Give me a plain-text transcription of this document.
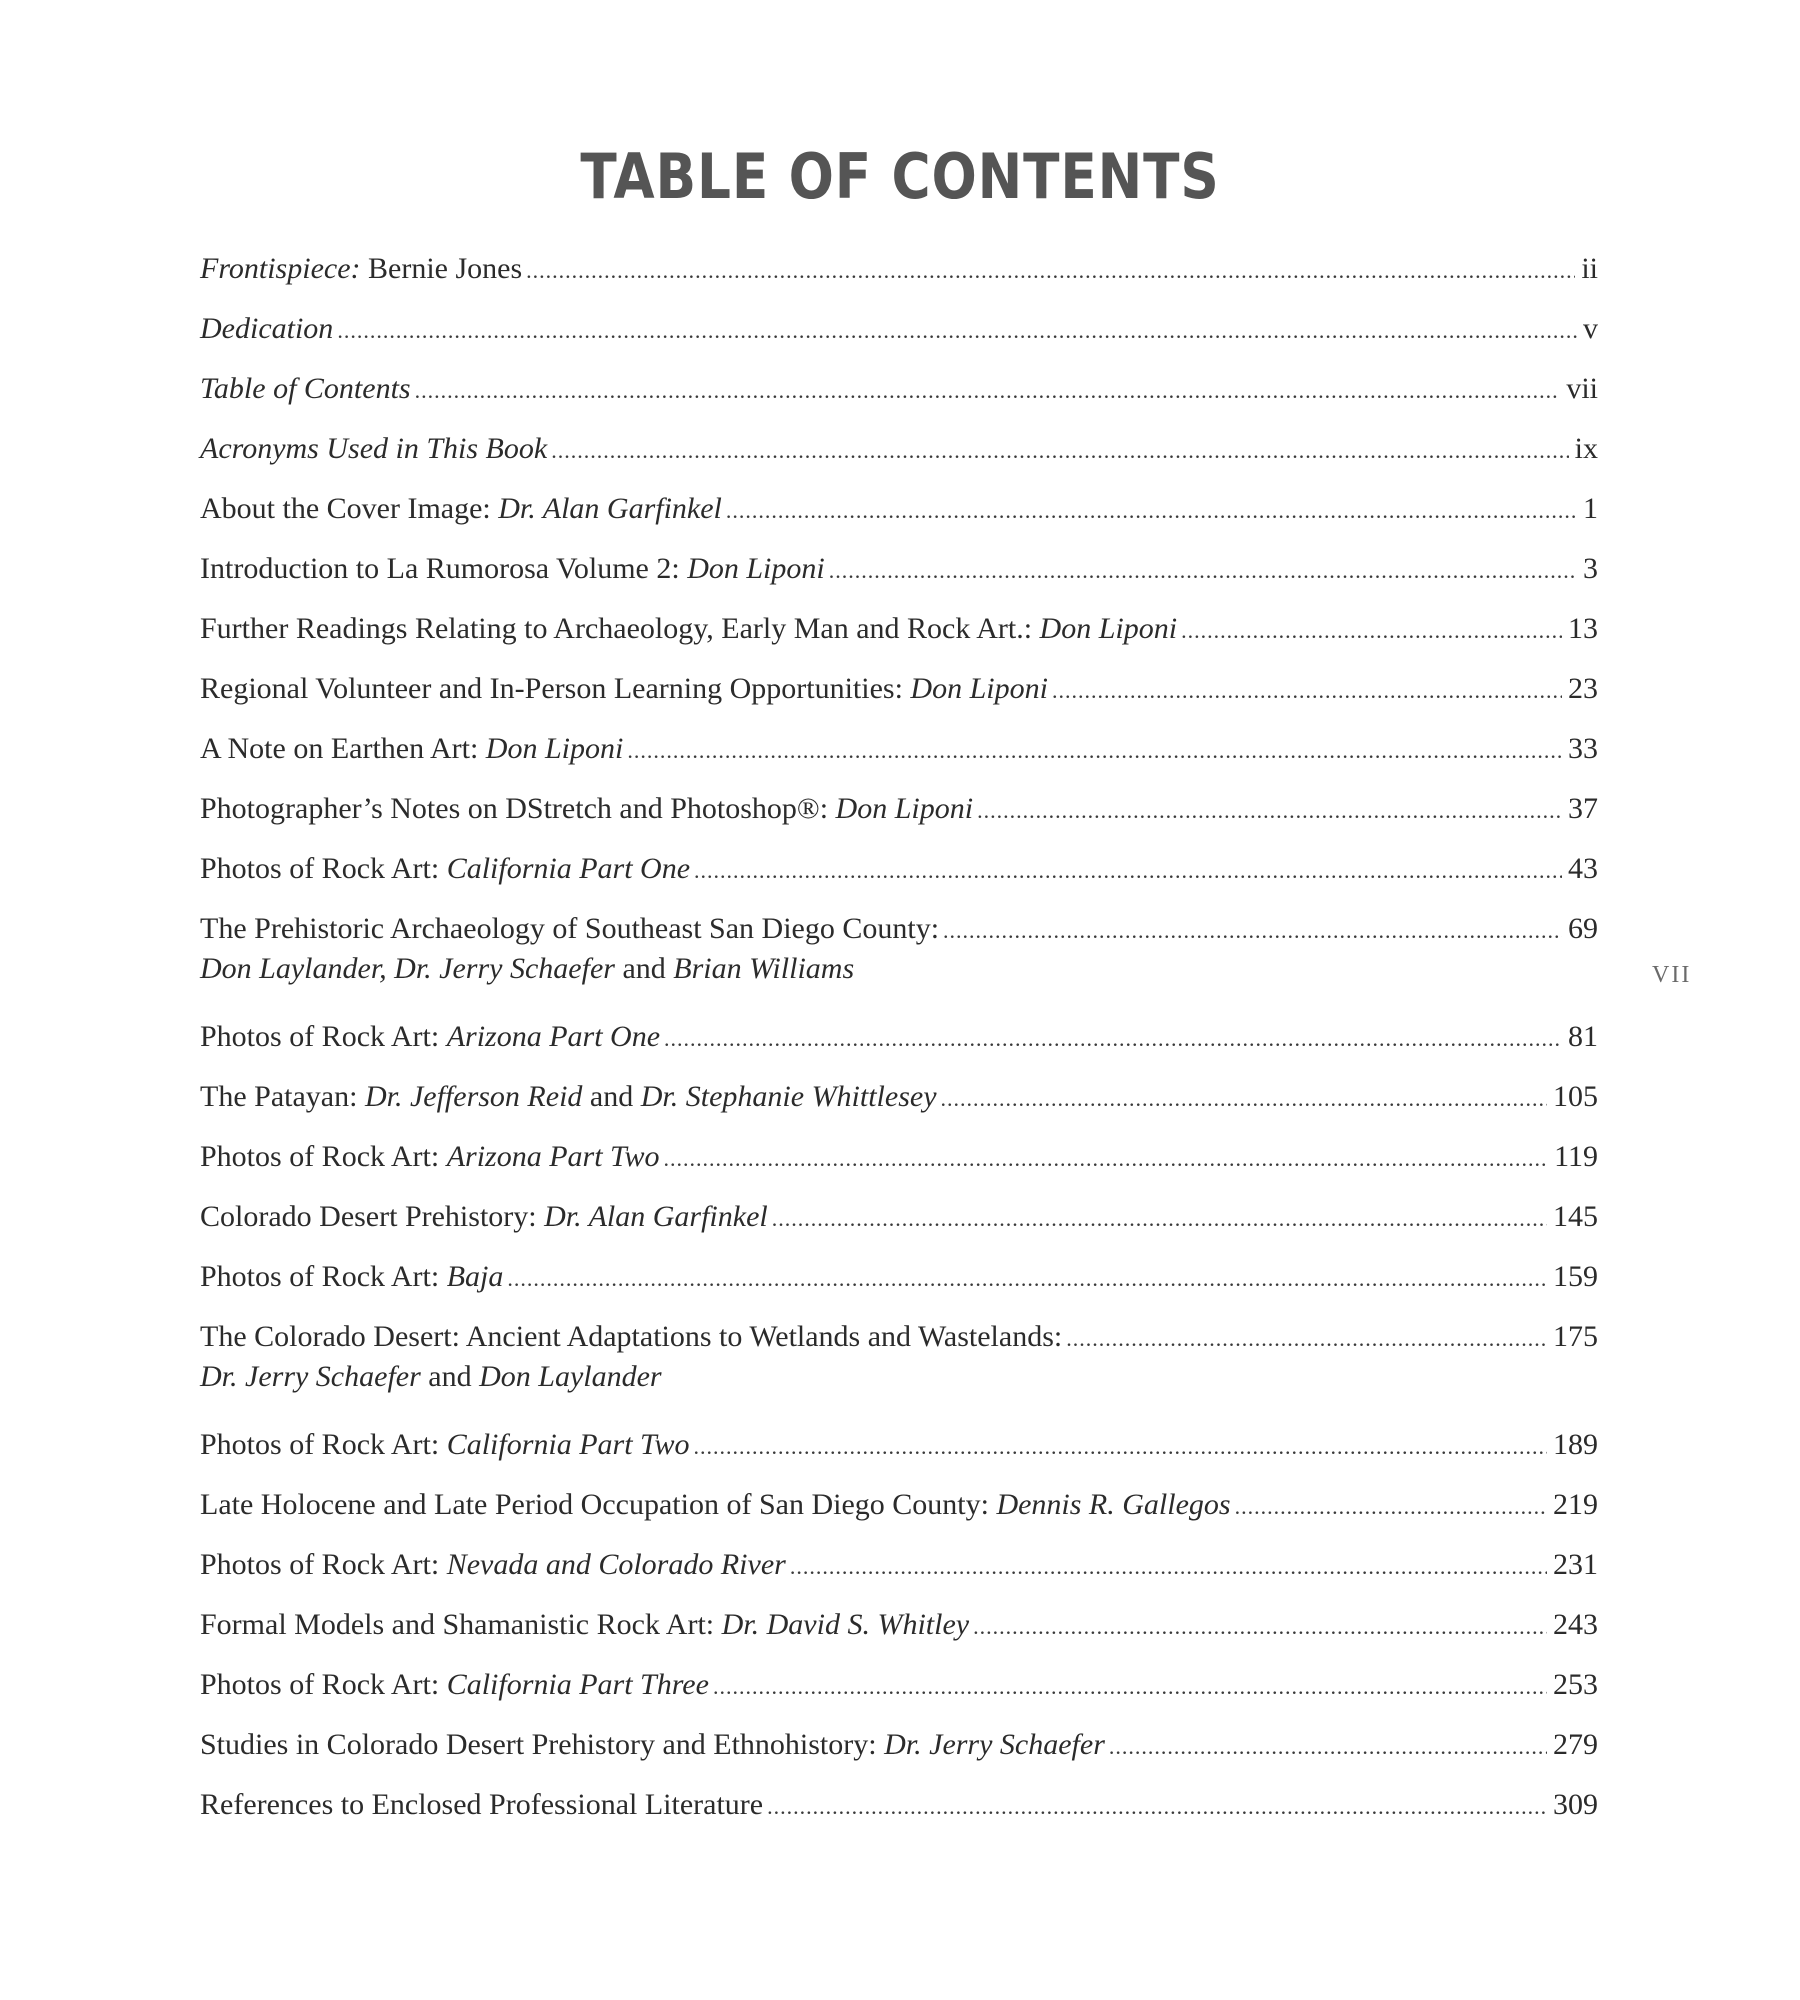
TABLE OF CONTENTS
Frontispiece: Bernie Jones .....	ii
Dedication .....	v
Table of Contents .....	vii
Acronyms Used in This Book .....	ix
About the Cover Image: Dr. Alan Garfinkel .....	1
Introduction to La Rumorosa Volume 2: Don Liponi .....	3
Further Readings Relating to Archaeology, Early Man and Rock Art.: Don Liponi .....	13
Regional Volunteer and In-Person Learning Opportunities: Don Liponi .....	23
A Note on Earthen Art: Don Liponi .....	33
Photographer’s Notes on DStretch and Photoshop®: Don Liponi .....	37
Photos of Rock Art: California Part One .....	43
The Prehistoric Archaeology of Southeast San Diego County: .....	69
Don Laylander, Dr. Jerry Schaefer and Brian Williams
Photos of Rock Art: Arizona Part One .....	81
The Patayan: Dr. Jefferson Reid and Dr. Stephanie Whittlesey .....	105
Photos of Rock Art: Arizona Part Two .....	119
Colorado Desert Prehistory: Dr. Alan Garfinkel .....	145
Photos of Rock Art: Baja .....	159
The Colorado Desert: Ancient Adaptations to Wetlands and Wastelands: .....	175
Dr. Jerry Schaefer and Don Laylander
Photos of Rock Art: California Part Two .....	189
Late Holocene and Late Period Occupation of San Diego County: Dennis R. Gallegos .....	219
Photos of Rock Art: Nevada and Colorado River .....	231
Formal Models and Shamanistic Rock Art: Dr. David S. Whitley .....	243
Photos of Rock Art: California Part Three .....	253
Studies in Colorado Desert Prehistory and Ethnohistory: Dr. Jerry Schaefer .....	279
References to Enclosed Professional Literature .....	309
VII
